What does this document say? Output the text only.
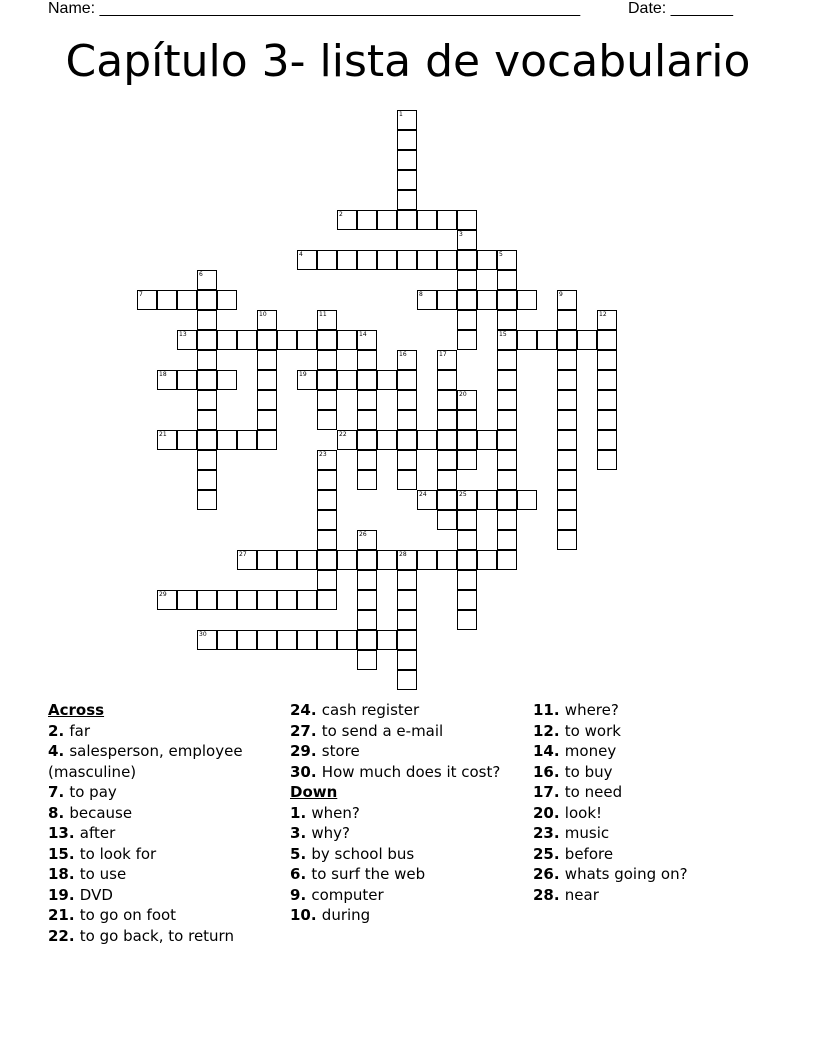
Name: ______________________________________________________	Date: _______
Capítulo 3- lista de vocabulario
1
2
3
4	5
15
6
7	8	9
10	11	12
13	14
16	17
18	19
20
21	22
23
24	25
26
27	28
29
30
Across
2. far
4. salesperson, employee (masculine)
7. to pay
8. because
13. after
15. to look for
18. to use
19. DVD
21. to go on foot
22. to go back, to return
24. cash register
27. to send a e-mail
29. store
30. How much does it cost?
Down
1. when?
3. why?
5. by school bus
6. to surf the web
9. computer
10. during
11. where?
12. to work
14. money
16. to buy
17. to need
20. look!
23. music
25. before
26. whats going on?
28. near
